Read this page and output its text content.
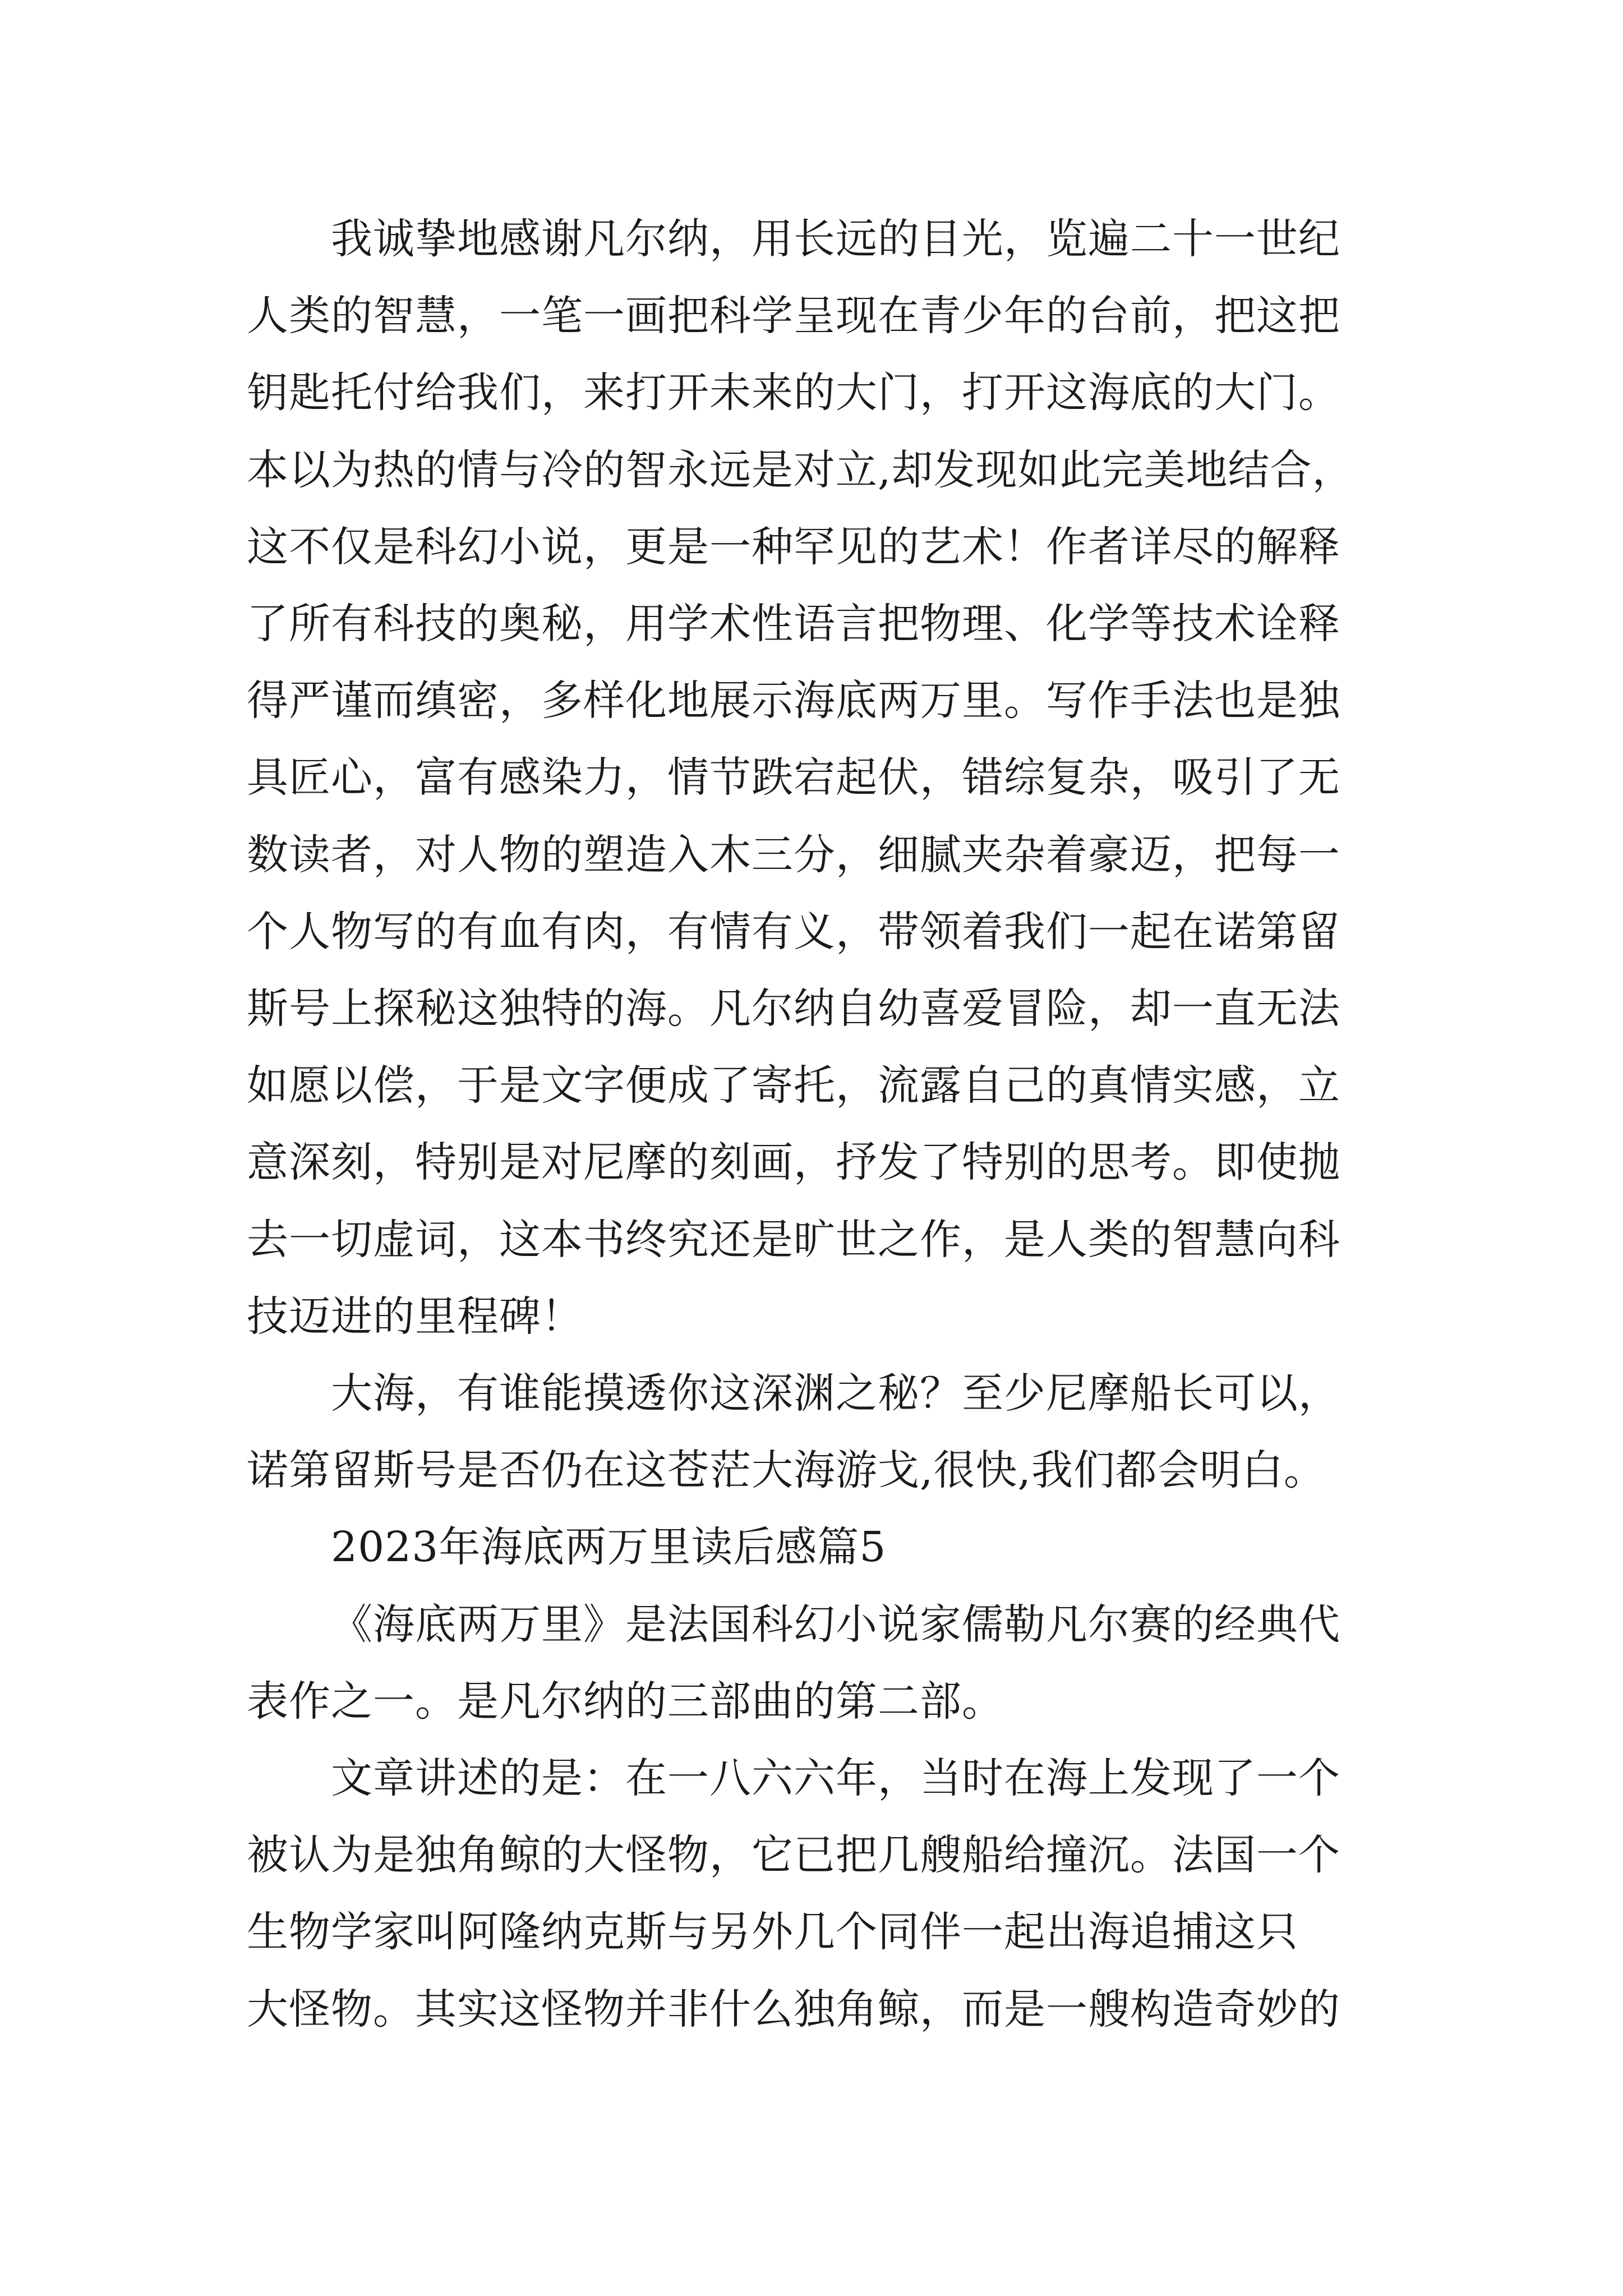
我诚挚地感谢凡尔纳，用长远的目光，览遍二十一世纪
人类的智慧，一笔一画把科学呈现在青少年的台前，把这把
钥匙托付给我们，来打开未来的大门，打开这海底的大门。
本以为热的情与冷的智永远是对立,却发现如此完美地结合，
这不仅是科幻小说，更是一种罕见的艺术！作者详尽的解释
了所有科技的奥秘，用学术性语言把物理、化学等技术诠释
得严谨而缜密，多样化地展示海底两万里。写作手法也是独
具匠心，富有感染力，情节跌宕起伏，错综复杂，吸引了无
数读者，对人物的塑造入木三分，细腻夹杂着豪迈，把每一
个人物写的有血有肉，有情有义，带领着我们一起在诺第留
斯号上探秘这独特的海。凡尔纳自幼喜爱冒险，却一直无法
如愿以偿，于是文字便成了寄托，流露自己的真情实感，立
意深刻，特别是对尼摩的刻画，抒发了特别的思考。即使抛
去一切虚词，这本书终究还是旷世之作，是人类的智慧向科
技迈进的里程碑！
大海，有谁能摸透你这深渊之秘？至少尼摩船长可以，
诺第留斯号是否仍在这苍茫大海游戈,很快,我们都会明白。
2023年海底两万里读后感篇5
《海底两万里》是法国科幻小说家儒勒凡尔赛的经典代
表作之一。是凡尔纳的三部曲的第二部。
文章讲述的是：在一八六六年，当时在海上发现了一个
被认为是独角鲸的大怪物，它已把几艘船给撞沉。法国一个
生物学家叫阿隆纳克斯与另外几个同伴一起出海追捕这只
大怪物。其实这怪物并非什么独角鲸，而是一艘构造奇妙的
